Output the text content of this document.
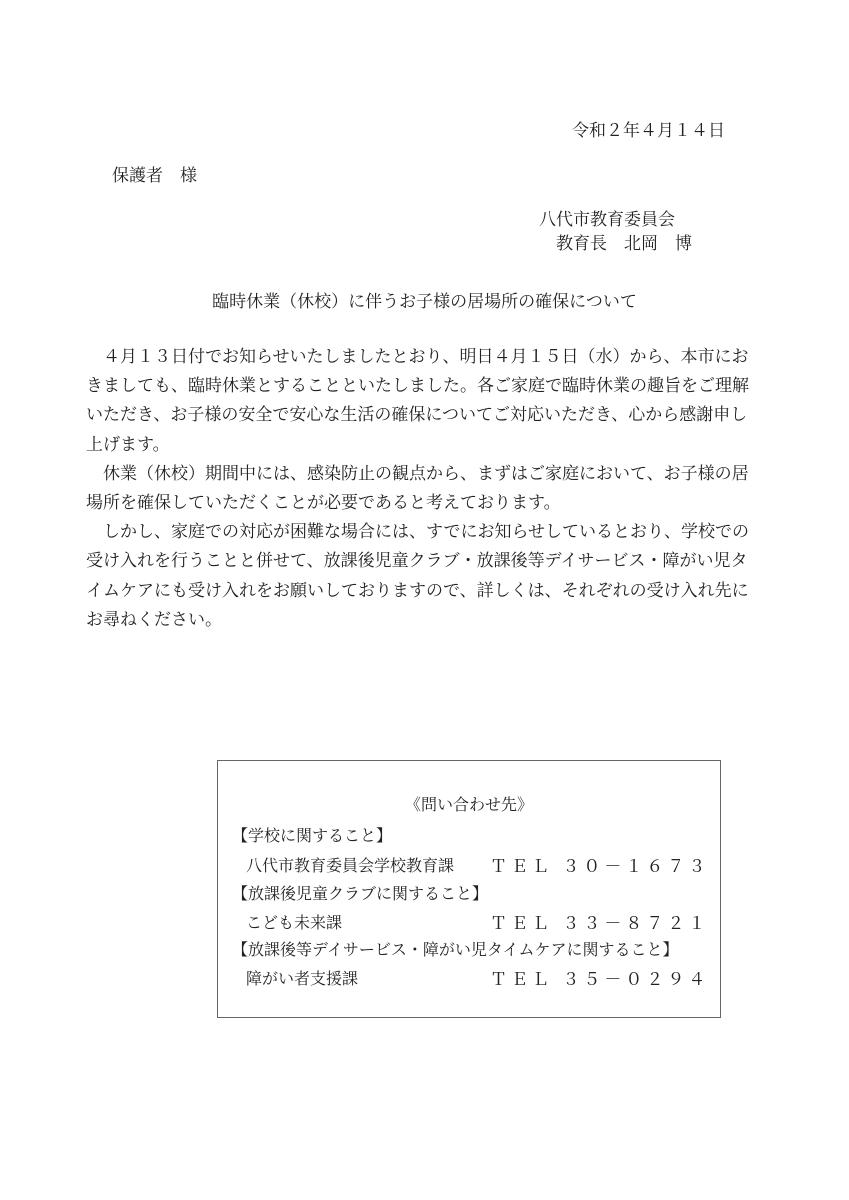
令和２年４月１４日
保護者　様
八代市教育委員会
教育長　北岡　博
臨時休業（休校）に伴うお子様の居場所の確保について

　４月１３日付でお知らせいたしましたとおり、明日４月１５日（水）から、本市におきましても、臨時休業とすることといたしました。各ご家庭で臨時休業の趣旨をご理解いただき、お子様の安全で安心な生活の確保についてご対応いただき、心から感謝申し上げます。

　休業（休校）期間中には、感染防止の観点から、まずはご家庭において、お子様の居場所を確保していただくことが必要であると考えております。

　しかし、家庭での対応が困難な場合には、すでにお知らせしているとおり、学校での受け入れを行うことと併せて、放課後児童クラブ・放課後等デイサービス・障がい児タイムケアにも受け入れをお願いしておりますので、詳しくは、それぞれの受け入れ先にお尋ねください。

《問い合わせ先》
【学校に関すること】
八代市教育委員会学校教育課 ＴＥＬ ３０－１６７３
【放課後児童クラブに関すること】
こども未来課	ＴＥＬ ３３－８７２１
【放課後等デイサービス・障がい児タイムケアに関すること】
障がい者支援課	ＴＥＬ ３５－０２９４
